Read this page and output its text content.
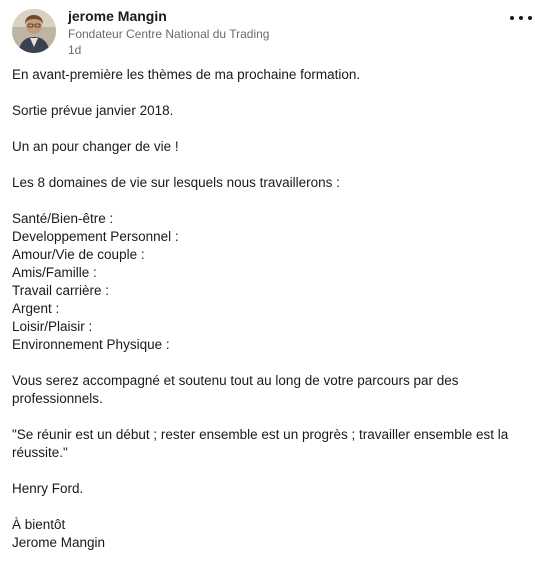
jerome Mangin
Fondateur Centre National du Trading
1d
En avant-première les thèmes de ma prochaine formation.
Sortie prévue janvier 2018.
Un an pour changer de vie !
Les 8 domaines de vie sur lesquels nous travaillerons :
Santé/Bien-être :
Developpement Personnel :
Amour/Vie de couple :
Amis/Famille :
Travail carrière :
Argent :
Loisir/Plaisir :
Environnement Physique :
Vous serez accompagné et soutenu tout au long de votre parcours par des professionnels.
"Se réunir est un début ; rester ensemble est un progrès ; travailler ensemble est la réussite."
Henry Ford.
À bientôt
Jerome Mangin
